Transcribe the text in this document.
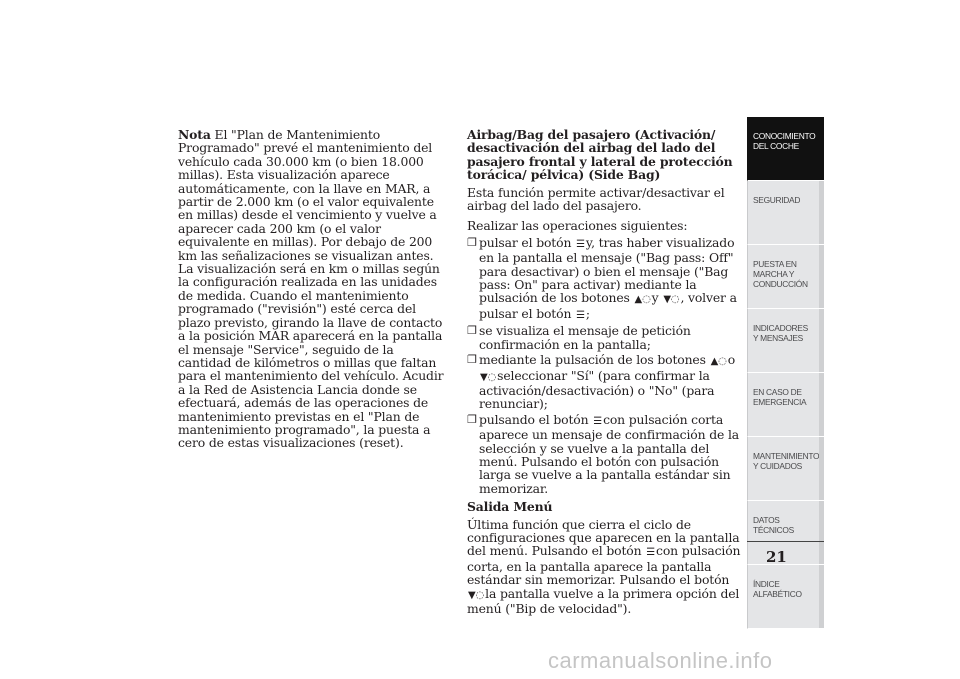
Nota El "Plan de Mantenimiento Programado" prevé el mantenimiento del vehículo cada 30.000 km (o bien 18.000 millas). Esta visualización aparece automáticamente, con la llave en MAR, a partir de 2.000 km (o el valor equivalente en millas) desde el vencimiento y vuelve a aparecer cada 200 km (o el valor equivalente en millas). Por debajo de 200 km las señalizaciones se visualizan antes. La visualización será en km o millas según la configuración realizada en las unidades de medida. Cuando el mantenimiento programado ("revisión") esté cerca del plazo previsto, girando la llave de contacto a la posición MAR aparecerá en la pantalla el mensaje "Service", seguido de la cantidad de kilómetros o millas que faltan para el mantenimiento del vehículo. Acudir a la Red de Asistencia Lancia donde se efectuará, además de las operaciones de mantenimiento previstas en el "Plan de mantenimiento programado", la puesta a cero de estas visualizaciones (reset).

Airbag/Bag del pasajero (Activación/ desactivación del airbag del lado del pasajero frontal y lateral de protección torácica/ pélvica) (Side Bag)

Esta función permite activar/desactivar el airbag del lado del pasajero.

Realizar las operaciones siguientes:

❐ pulsar el botón ☰y, tras haber visualizado en la pantalla el mensaje ("Bag pass: Off" para desactivar) o bien el mensaje ("Bag pass: On" para activar) mediante la pulsación de los botones ▲◌y ▼◌, volver a pulsar el botón ☰;
❐ se visualiza el mensaje de petición confirmación en la pantalla;
❐ mediante la pulsación de los botones ▲◌o
▼◌seleccionar "Sí" (para confirmar la activación/desactivación) o "No" (para renunciar);
❐ pulsando el botón ☰con pulsación corta aparece un mensaje de confirmación de la selección y se vuelve a la pantalla del menú. Pulsando el botón con pulsación larga se vuelve a la pantalla estándar sin memorizar.
Salida Menú

Última función que cierra el ciclo de configuraciones que aparecen en la pantalla del menú. Pulsando el botón ☰con pulsación corta, en la pantalla aparece la pantalla estándar sin memorizar. Pulsando el botón ▼◌la pantalla vuelve a la primera opción del menú ("Bip de velocidad").

CONOCIMIENTO DEL COCHE
SEGURIDAD
PUESTA EN MARCHA Y CONDUCCIÓN
INDICADORES Y MENSAJES
EN CASO DE EMERGENCIA
MANTENIMIENTO Y CUIDADOS
DATOS TÉCNICOS
ÍNDICE ALFABÉTICO
21
carmanualsonline.info
